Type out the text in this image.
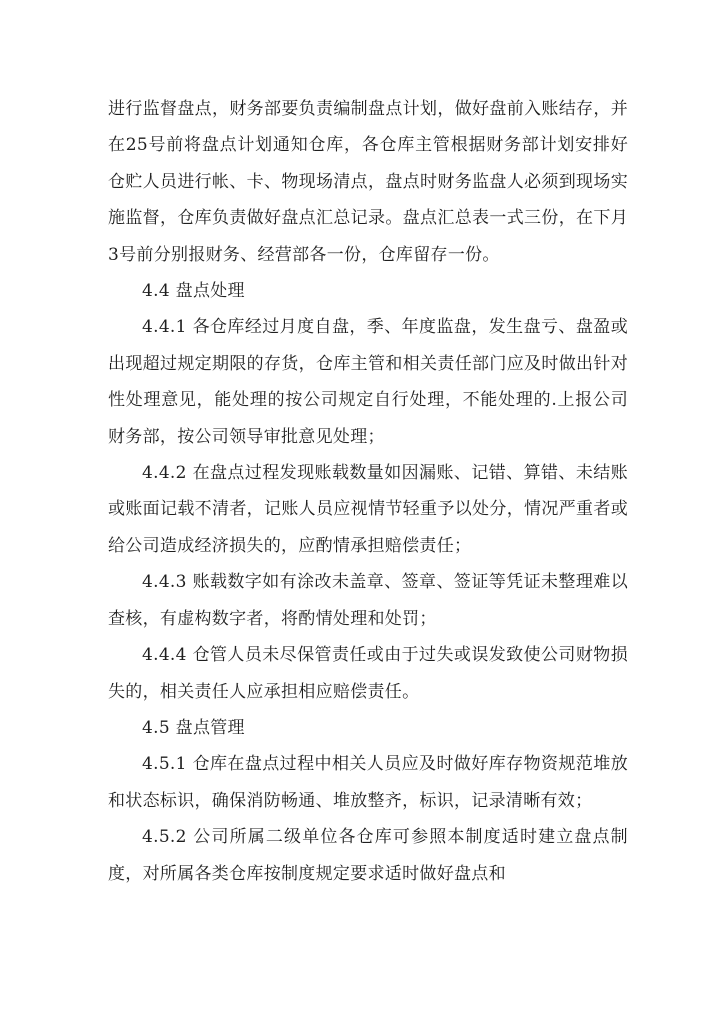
进行监督盘点，财务部要负责编制盘点计划，做好盘前入账结存，并在25号前将盘点计划通知仓库，各仓库主管根据财务部计划安排好仓贮人员进行帐、卡、物现场清点，盘点时财务监盘人必须到现场实施监督，仓库负责做好盘点汇总记录。盘点汇总表一式三份，在下月3号前分别报财务、经营部各一份，仓库留存一份。

4.4 盘点处理

4.4.1 各仓库经过月度自盘，季、年度监盘，发生盘亏、盘盈或出现超过规定期限的存货，仓库主管和相关责任部门应及时做出针对性处理意见，能处理的按公司规定自行处理，不能处理的.上报公司财务部，按公司领导审批意见处理；

4.4.2 在盘点过程发现账载数量如因漏账、记错、算错、未结账或账面记载不清者，记账人员应视情节轻重予以处分，情况严重者或给公司造成经济损失的，应酌情承担赔偿责任；

4.4.3 账载数字如有涂改未盖章、签章、签证等凭证未整理难以查核，有虚构数字者，将酌情处理和处罚；

4.4.4 仓管人员未尽保管责任或由于过失或误发致使公司财物损失的，相关责任人应承担相应赔偿责任。

4.5 盘点管理

4.5.1 仓库在盘点过程中相关人员应及时做好库存物资规范堆放和状态标识，确保消防畅通、堆放整齐，标识，记录清晰有效；

4.5.2 公司所属二级单位各仓库可参照本制度适时建立盘点制度，对所属各类仓库按制度规定要求适时做好盘点和
